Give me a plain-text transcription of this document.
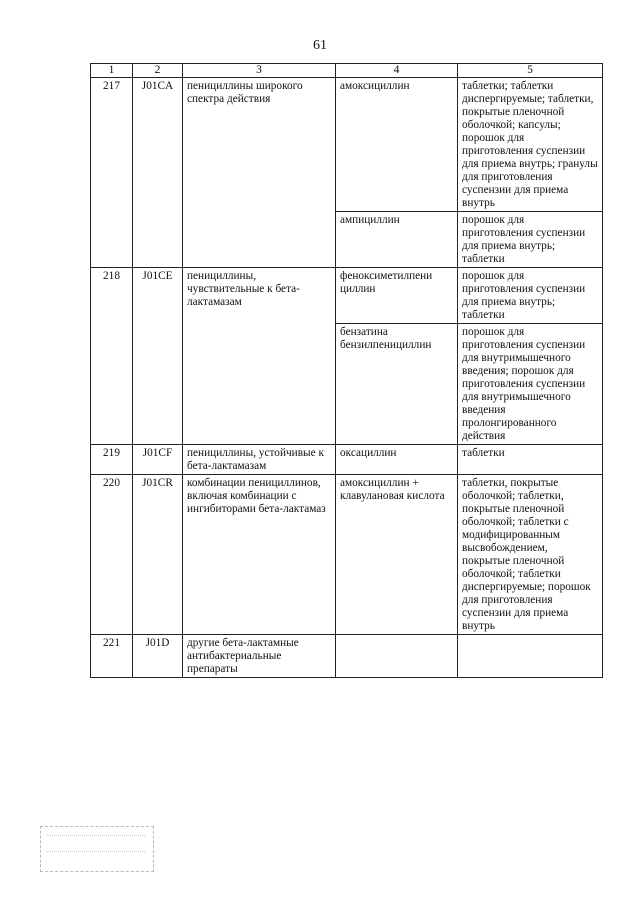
61
1	2	3	4	5
217	J01CA	пенициллины широкого спектра действия	амоксициллин	таблетки; таблетки диспергируемые; таблетки, покрытые пленочной оболочкой; капсулы; порошок для приготовления суспензии для приема внутрь; гранулы для приготовления суспензии для приема внутрь
			ампициллин	порошок для приготовления суспензии для приема внутрь; таблетки
218	J01CE	пенициллины, чувствительные к бета-лактамазам	феноксиметилпени циллин	порошок для приготовления суспензии для приема внутрь; таблетки
			бензатина бензилпенициллин	порошок для приготовления суспензии для внутримышечного введения; порошок для приготовления суспензии для внутримышечного введения пролонгированного действия
219	J01CF	пенициллины, устойчивые к бета-лактамазам	оксациллин	таблетки
220	J01CR	комбинации пенициллинов, включая комбинации с ингибиторами бета-лактамаз	амоксициллин + клавулановая кислота	таблетки, покрытые оболочкой; таблетки, покрытые пленочной оболочкой; таблетки с модифицированным высвобождением, покрытые пленочной оболочкой; таблетки диспергируемые; порошок для приготовления суспензии для приема внутрь
221	J01D	другие бета-лактамные антибактериальные препараты		
